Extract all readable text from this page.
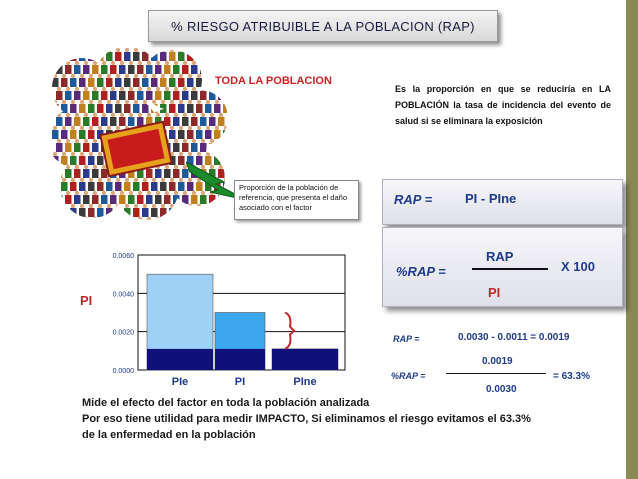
% RIESGO ATRIBUIBLE A LA POBLACION (RAP)
TODA LA POBLACION
Es la proporción en que se reduciría en LA POBLACIÓN la tasa de incidencia del evento de salud si se eliminara la exposición
Proporción de la población de referencia, que presenta el daño asociado con el factor
RAP =	PI - PIne
%RAP =
RAP
PI
X 100
RAP =	0.0030 - 0.0011 = 0.0019
%RAP =
0.0019
0.0030
= 63.3%
PI
0.0000
0.0020
0.0040
0.0060
PIe	PI	PIne
Mide el efecto del factor en toda la población analizada
Por eso tiene utilidad para medir IMPACTO, Si eliminamos el riesgo evitamos el 63.3%
de la enfermedad en la población
